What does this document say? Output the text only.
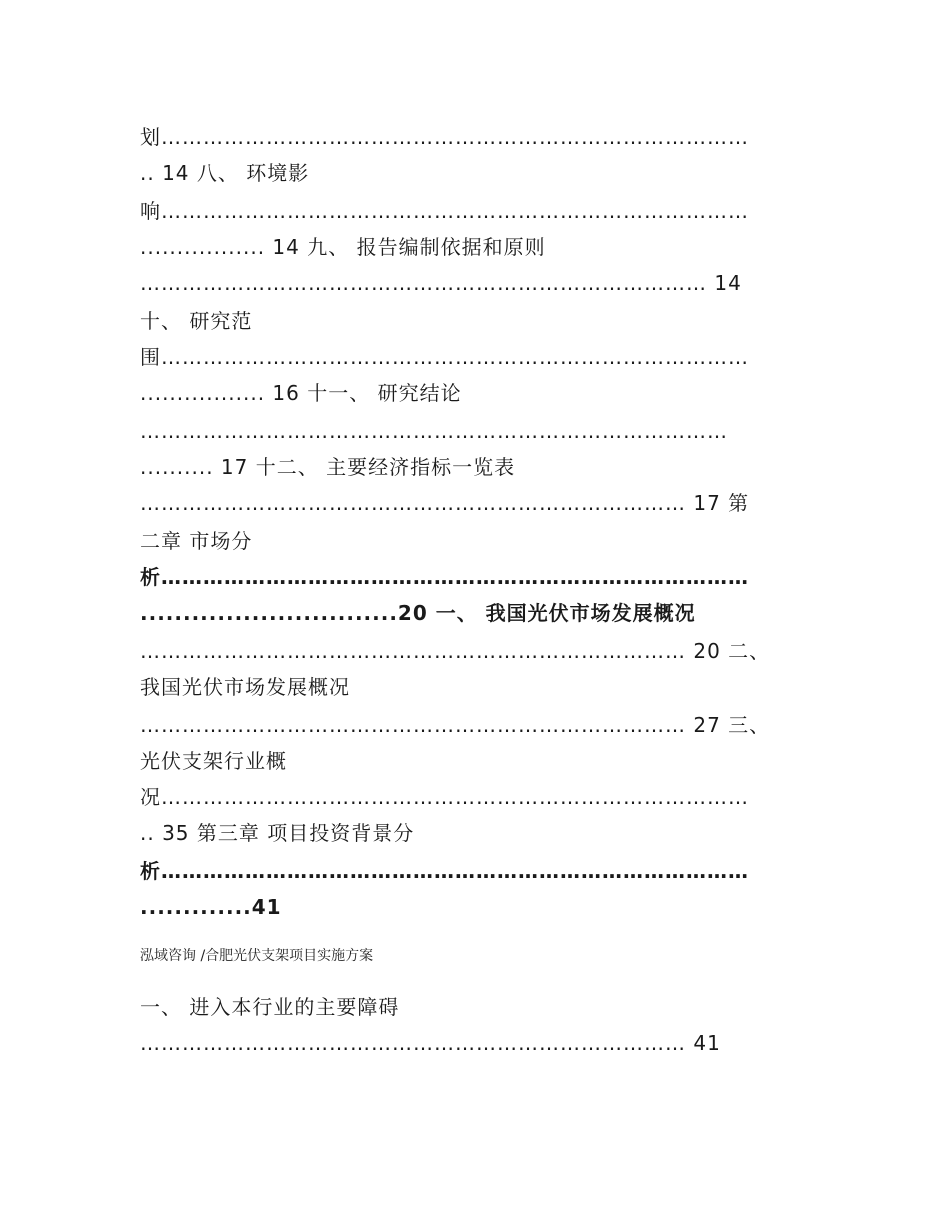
划…………………………………………………………………………
.. 14 八、 环境影
响…………………………………………………………………………
................. 14 九、 报告编制依据和原则
……………………………………………………………………… 14
十、 研究范
围…………………………………………………………………………
................. 16 十一、 研究结论
…………………………………………………………………………
.......... 17 十二、 主要经济指标一览表
…………………………………………………………………… 17 第
二章 市场分
析…………………………………………………………………………
..............................20 一、 我国光伏市场发展概况
…………………………………………………………………… 20 二、
我国光伏市场发展概况
…………………………………………………………………… 27 三、
光伏支架行业概
况…………………………………………………………………………
.. 35 第三章 项目投资背景分
析…………………………………………………………………………
.............41
泓域咨询 /合肥光伏支架项目实施方案
一、 进入本行业的主要障碍
…………………………………………………………………… 41
